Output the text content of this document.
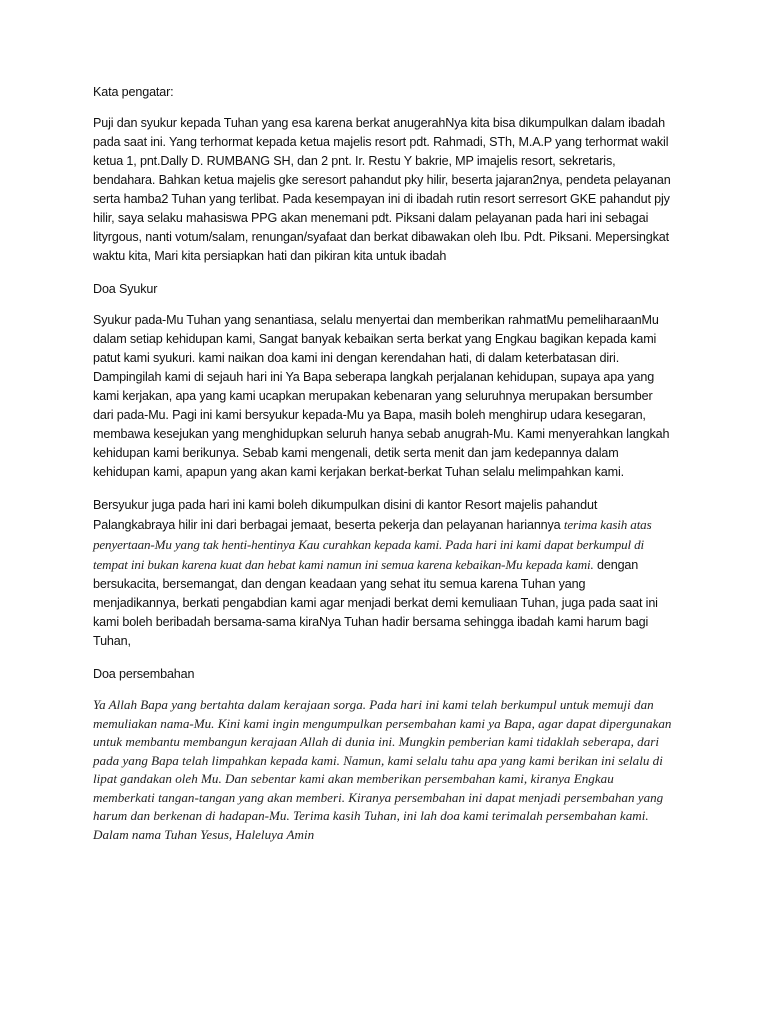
Kata pengatar:

Puji dan syukur kepada Tuhan yang esa karena berkat anugerahNya kita bisa dikumpulkan dalam ibadah pada saat ini. Yang terhormat kepada ketua majelis resort pdt. Rahmadi, STh, M.A.P yang terhormat wakil ketua 1, pnt.Dally D. RUMBANG SH, dan 2 pnt. Ir. Restu Y bakrie, MP imajelis resort, sekretaris, bendahara. Bahkan ketua majelis gke seresort pahandut pky hilir, beserta jajaran2nya, pendeta pelayanan serta hamba2 Tuhan yang terlibat. Pada kesempayan ini di ibadah rutin resort serresort GKE pahandut pjy hilir, saya selaku mahasiswa PPG akan menemani pdt. Piksani dalam pelayanan pada hari ini sebagai lityrgous, nanti votum/salam, renungan/syafaat dan berkat dibawakan oleh Ibu. Pdt. Piksani. Mepersingkat waktu kita, Mari kita persiapkan hati dan pikiran kita untuk ibadah

Doa Syukur

Syukur pada-Mu Tuhan yang senantiasa, selalu menyertai dan memberikan rahmatMu pemeliharaanMu dalam setiap kehidupan kami, Sangat banyak kebaikan serta berkat yang Engkau bagikan kepada kami patut kami syukuri. kami naikan doa kami ini dengan kerendahan hati, di dalam keterbatasan diri. Dampingilah kami di sejauh hari ini Ya Bapa seberapa langkah perjalanan kehidupan, supaya apa yang kami kerjakan, apa yang kami ucapkan merupakan kebenaran yang seluruhnya merupakan bersumber dari pada-Mu. Pagi ini kami bersyukur kepada-Mu ya Bapa, masih boleh menghirup udara kesegaran, membawa kesejukan yang menghidupkan seluruh hanya sebab anugrah-Mu. Kami menyerahkan langkah kehidupan kami berikunya. Sebab kami mengenali, detik serta menit dan jam kedepannya dalam kehidupan kami, apapun yang akan kami kerjakan berkat-berkat Tuhan selalu melimpahkan kami.

Bersyukur juga pada hari ini kami boleh dikumpulkan disini di kantor Resort majelis pahandut Palangkabraya hilir ini dari berbagai jemaat, beserta pekerja dan pelayanan hariannya terima kasih atas penyertaan-Mu yang tak henti-hentinya Kau curahkan kepada kami. Pada hari ini kami dapat berkumpul di tempat ini bukan karena kuat dan hebat kami namun ini semua karena kebaikan-Mu kepada kami. dengan bersukacita, bersemangat, dan dengan keadaan yang sehat itu semua karena Tuhan yang menjadikannya, berkati pengabdian kami agar menjadi berkat demi kemuliaan Tuhan, juga pada saat ini kami boleh beribadah bersama-sama kiraNya Tuhan hadir bersama sehingga ibadah kami harum bagi Tuhan,

Doa persembahan

Ya Allah Bapa yang bertahta dalam kerajaan sorga. Pada hari ini kami telah berkumpul untuk memuji dan memuliakan nama-Mu. Kini kami ingin mengumpulkan persembahan kami ya Bapa, agar dapat dipergunakan untuk membantu membangun kerajaan Allah di dunia ini. Mungkin pemberian kami tidaklah seberapa, dari pada yang Bapa telah limpahkan kepada kami. Namun, kami selalu tahu apa yang kami berikan ini selalu di lipat gandakan oleh Mu. Dan sebentar kami akan memberikan persembahan kami, kiranya Engkau memberkati tangan-tangan yang akan memberi. Kiranya persembahan ini dapat menjadi persembahan yang harum dan berkenan di hadapan-Mu. Terima kasih Tuhan, ini lah doa kami terimalah persembahan kami. Dalam nama Tuhan Yesus, Haleluya Amin
